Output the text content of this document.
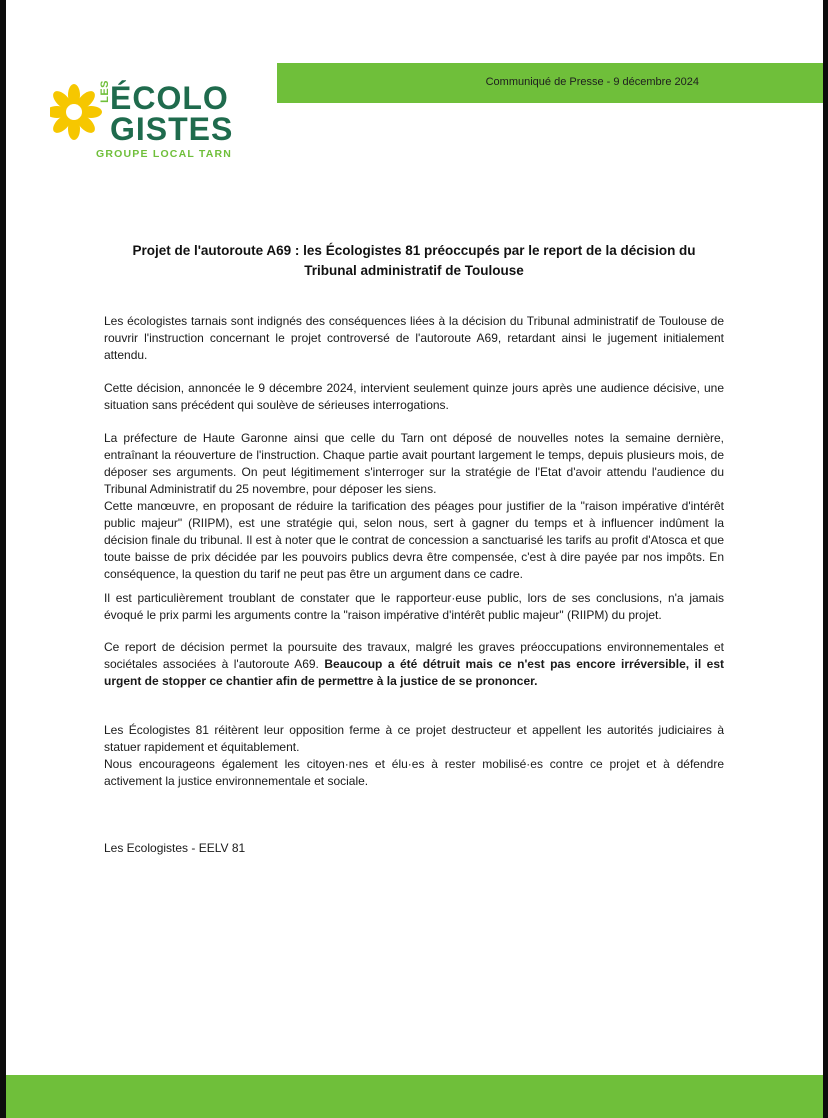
Communiqué de Presse - 9 décembre 2024
LES ÉCOLO
GISTES
GROUPE LOCAL TARN
Projet de l'autoroute A69 : les Écologistes 81 préoccupés par le report de la décision du
Tribunal administratif de Toulouse

Les écologistes tarnais sont indignés des conséquences liées à la décision du Tribunal administratif de Toulouse de rouvrir l'instruction concernant le projet controversé de l'autoroute A69, retardant ainsi le jugement initialement attendu.

Cette décision, annoncée le 9 décembre 2024, intervient seulement quinze jours après une audience décisive, une situation sans précédent qui soulève de sérieuses interrogations.

La préfecture de Haute Garonne ainsi que celle du Tarn ont déposé de nouvelles notes la semaine dernière, entraînant la réouverture de l'instruction. Chaque partie avait pourtant largement le temps, depuis plusieurs mois, de déposer ses arguments. On peut légitimement s'interroger sur la stratégie de l'Etat d'avoir attendu l'audience du Tribunal Administratif du 25 novembre, pour déposer les siens.

Cette manœuvre, en proposant de réduire la tarification des péages pour justifier de la "raison impérative d'intérêt public majeur" (RIIPM), est une stratégie qui, selon nous, sert à gagner du temps et à influencer indûment la décision finale du tribunal. Il est à noter que le contrat de concession a sanctuarisé les tarifs au profit d'Atosca et que toute baisse de prix décidée par les pouvoirs publics devra être compensée, c'est à dire payée par nos impôts. En conséquence, la question du tarif ne peut pas être un argument dans ce cadre.

Il est particulièrement troublant de constater que le rapporteur·euse public, lors de ses conclusions, n'a jamais évoqué le prix parmi les arguments contre la "raison impérative d'intérêt public majeur" (RIIPM) du projet.

Ce report de décision permet la poursuite des travaux, malgré les graves préoccupations environnementales et sociétales associées à l'autoroute A69. Beaucoup a été détruit mais ce n'est pas encore irréversible, il est urgent de stopper ce chantier afin de permettre à la justice de se prononcer.

Les Écologistes 81 réitèrent leur opposition ferme à ce projet destructeur et appellent les autorités judiciaires à statuer rapidement et équitablement.

Nous encourageons également les citoyen·nes et élu·es à rester mobilisé·es contre ce projet et à défendre activement la justice environnementale et sociale.

Les Ecologistes - EELV 81
